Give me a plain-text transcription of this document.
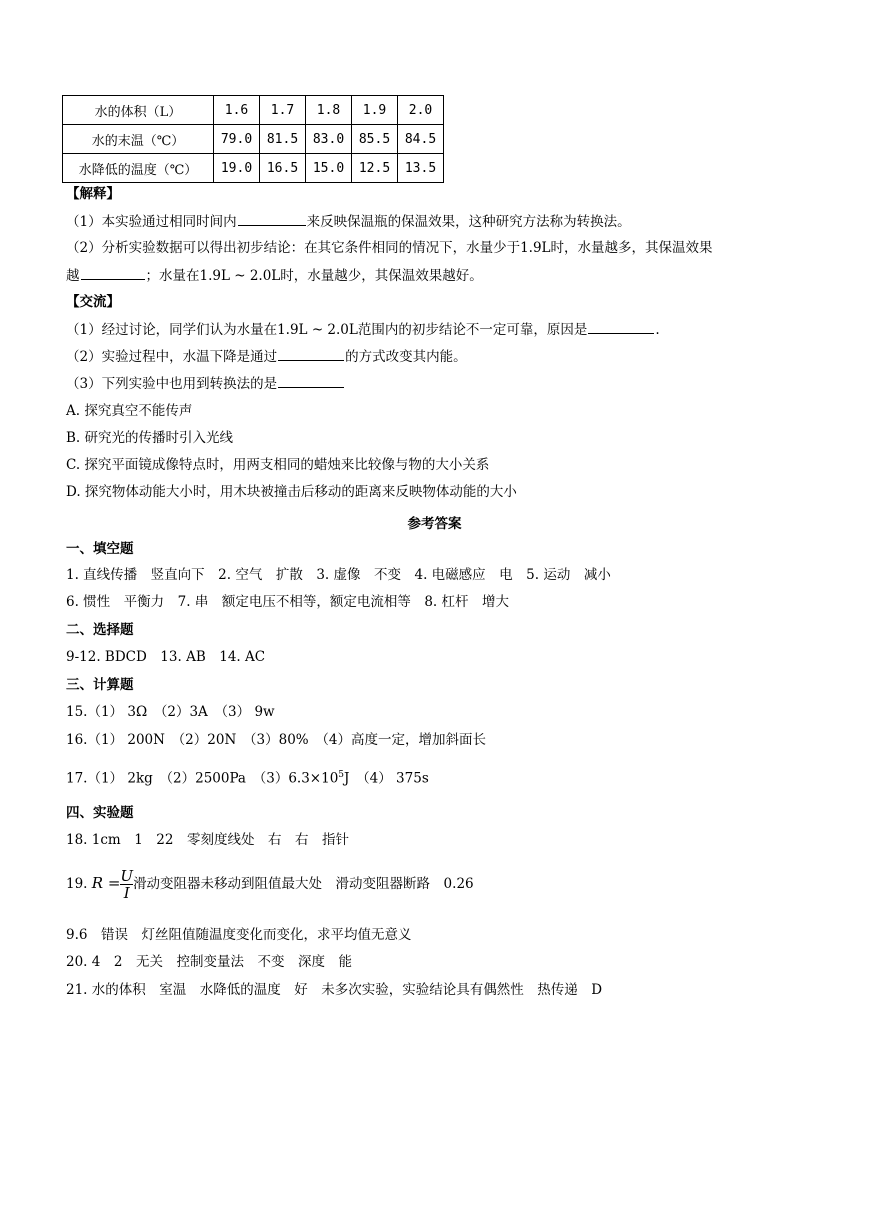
水的体积（L）	1.6	1.7	1.8	1.9	2.0
水的末温（℃）	79.0	81.5	83.0	85.5	84.5
水降低的温度（℃）	19.0	16.5	15.0	12.5	13.5
【解释】
（1）本实验通过相同时间内	来反映保温瓶的保温效果，这种研究方法称为转换法。
（2）分析实验数据可以得出初步结论：在其它条件相同的情况下，水量少于1.9L时，水量越多，其保温效果
越	；水量在1.9L ~ 2.0L时，水量越少，其保温效果越好。
【交流】
（1）经过讨论，同学们认为水量在1.9L ~ 2.0L范围内的初步结论不一定可靠，原因是	.
（2）实验过程中，水温下降是通过	的方式改变其内能。
（3）下列实验中也用到转换法的是
A. 探究真空不能传声
B. 研究光的传播时引入光线
C. 探究平面镜成像特点时，用两支相同的蜡烛来比较像与物的大小关系
D. 探究物体动能大小时，用木块被撞击后移动的距离来反映物体动能的大小
参考答案
一、填空题
1. 直线传播　竖直向下　2. 空气　扩散　3. 虚像　不变　4. 电磁感应　电　5. 运动　减小
6. 惯性　平衡力　7. 串　额定电压不相等，额定电流相等　8. 杠杆　增大
二、选择题
9-12. BDCD　13. AB　14. AC
三、计算题
15.（1） 3Ω　（2）3A　（3） 9w
16.（1） 200N　（2）20N　（3）80%　（4）高度一定，增加斜面长
17.（1） 2kg　（2）2500Pa　$(3)6.3\times 10^5J$　（4） 375s
四、实验题
18. 1cm　1　22　零刻度线处　右　右　指针
19. $R = \frac{U}{I}$ 滑动变阻器未移动到阻值最大处　滑动变阻器断路　0.26
9.6　错误　灯丝阻值随温度变化而变化，求平均值无意义
20. 4　2　无关　控制变量法　不变　深度　能
21. 水的体积　室温　水降低的温度　好　未多次实验，实验结论具有偶然性　热传递　D
